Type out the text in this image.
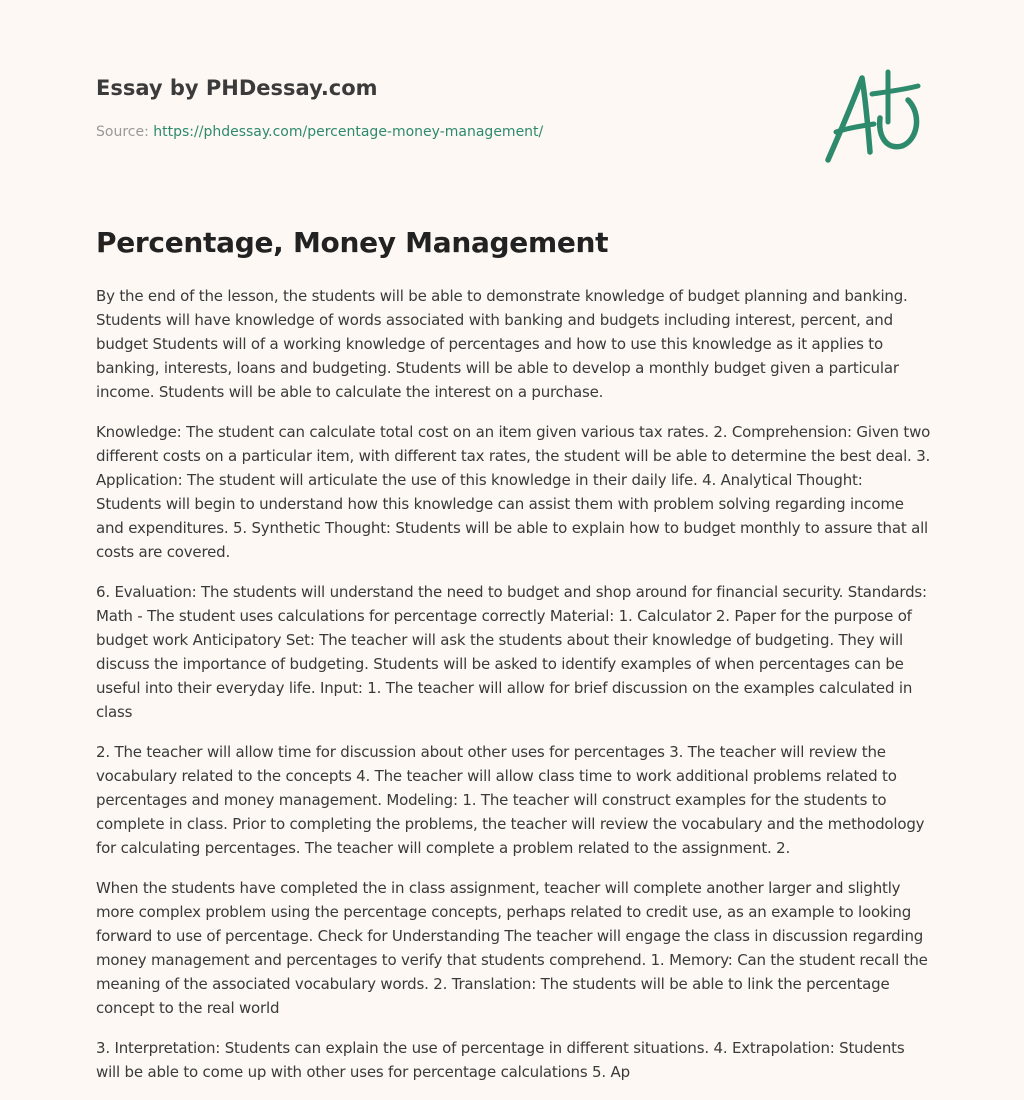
Essay by PHDessay.com
Source: https://phdessay.com/percentage-money-management/
Percentage, Money Management

By the end of the lesson, the students will be able to demonstrate knowledge of budget planning and banking. Students will have knowledge of words associated with banking and budgets including interest, percent, and budget Students will of a working knowledge of percentages and how to use this knowledge as it applies to banking, interests, loans and budgeting. Students will be able to develop a monthly budget given a particular income. Students will be able to calculate the interest on a purchase.

Knowledge: The student can calculate total cost on an item given various tax rates. 2. Comprehension: Given two different costs on a particular item, with different tax rates, the student will be able to determine the best deal. 3. Application: The student will articulate the use of this knowledge in their daily life. 4. Analytical Thought: Students will begin to understand how this knowledge can assist them with problem solving regarding income and expenditures. 5. Synthetic Thought: Students will be able to explain how to budget monthly to assure that all costs are covered.

6. Evaluation: The students will understand the need to budget and shop around for financial security. Standards: Math - The student uses calculations for percentage correctly Material: 1. Calculator 2. Paper for the purpose of budget work Anticipatory Set: The teacher will ask the students about their knowledge of budgeting. They will discuss the importance of budgeting. Students will be asked to identify examples of when percentages can be useful into their everyday life. Input: 1. The teacher will allow for brief discussion on the examples calculated in class

2. The teacher will allow time for discussion about other uses for percentages 3. The teacher will review the vocabulary related to the concepts 4. The teacher will allow class time to work additional problems related to percentages and money management. Modeling: 1. The teacher will construct examples for the students to complete in class. Prior to completing the problems, the teacher will review the vocabulary and the methodology for calculating percentages. The teacher will complete a problem related to the assignment. 2.

When the students have completed the in class assignment, teacher will complete another larger and slightly more complex problem using the percentage concepts, perhaps related to credit use, as an example to looking forward to use of percentage. Check for Understanding The teacher will engage the class in discussion regarding money management and percentages to verify that students comprehend. 1. Memory: Can the student recall the meaning of the associated vocabulary words. 2. Translation: The students will be able to link the percentage concept to the real world

3. Interpretation: Students can explain the use of percentage in different situations. 4. Extrapolation: Students will be able to come up with other uses for percentage calculations 5. Ap
